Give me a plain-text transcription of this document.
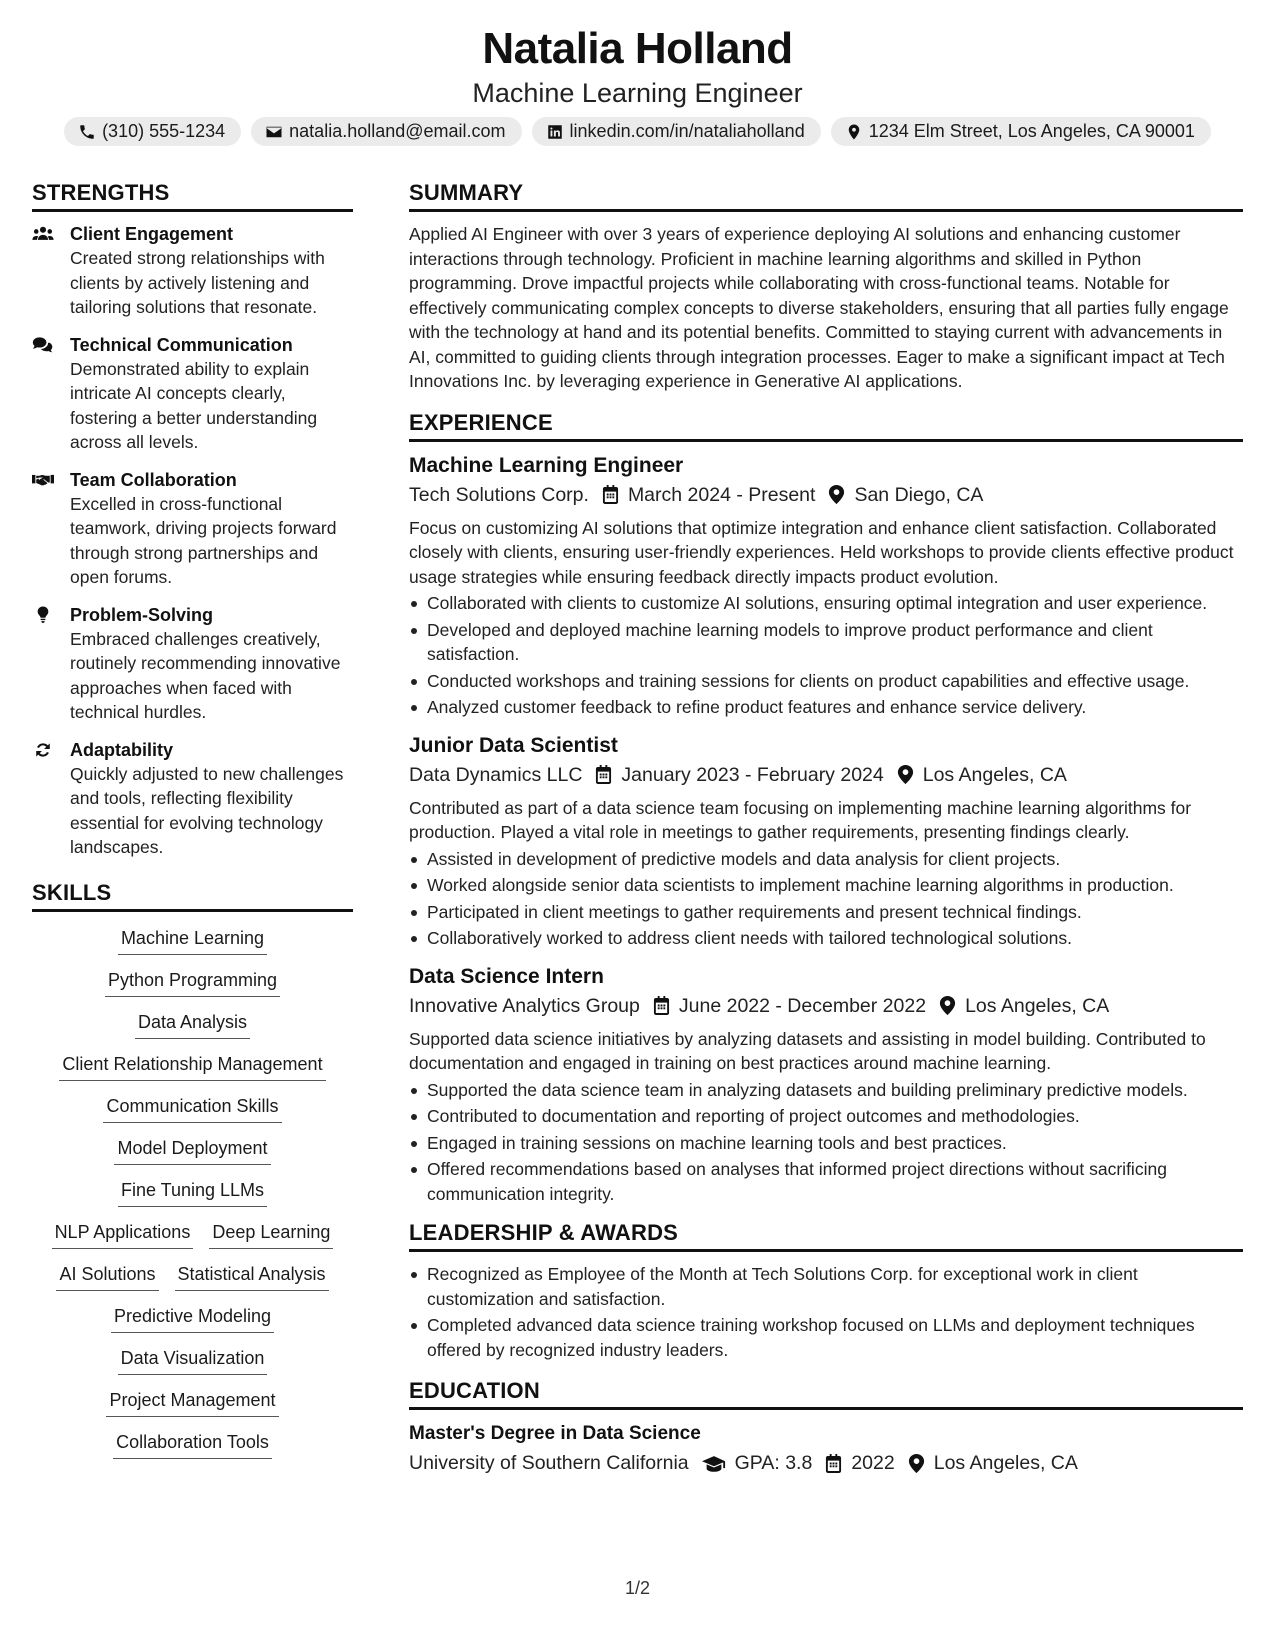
Natalia Holland
Machine Learning Engineer
(310) 555-1234	natalia.holland@email.com	linkedin.com/in/nataliaholland	1234 Elm Street, Los Angeles, CA 90001
STRENGTHS
Client Engagement
Created strong relationships with clients by actively listening and tailoring solutions that resonate.
Technical Communication
Demonstrated ability to explain intricate AI concepts clearly, fostering a better understanding across all levels.
Team Collaboration
Excelled in cross-functional teamwork, driving projects forward through strong partnerships and open forums.
Problem-Solving
Embraced challenges creatively, routinely recommending innovative approaches when faced with technical hurdles.
Adaptability
Quickly adjusted to new challenges and tools, reflecting flexibility essential for evolving technology landscapes.
SKILLS
Machine Learning
Python Programming
Data Analysis
Client Relationship Management
Communication Skills
Model Deployment
Fine Tuning LLMs
NLP Applications Deep Learning
AI Solutions Statistical Analysis
Predictive Modeling
Data Visualization
Project Management
Collaboration Tools
SUMMARY
Applied AI Engineer with over 3 years of experience deploying AI solutions and enhancing customer interactions through technology. Proficient in machine learning algorithms and skilled in Python programming. Drove impactful projects while collaborating with cross-functional teams. Notable for effectively communicating complex concepts to diverse stakeholders, ensuring that all parties fully engage with the technology at hand and its potential benefits. Committed to staying current with advancements in AI, committed to guiding clients through integration processes. Eager to make a significant impact at Tech Innovations Inc. by leveraging experience in Generative AI applications.
EXPERIENCE
Machine Learning Engineer
Tech Solutions Corp. March 2024 - Present San Diego, CA
Focus on customizing AI solutions that optimize integration and enhance client satisfaction. Collaborated closely with clients, ensuring user-friendly experiences. Held workshops to provide clients effective product usage strategies while ensuring feedback directly impacts product evolution.
Collaborated with clients to customize AI solutions, ensuring optimal integration and user experience.
Developed and deployed machine learning models to improve product performance and client satisfaction.
Conducted workshops and training sessions for clients on product capabilities and effective usage.
Analyzed customer feedback to refine product features and enhance service delivery.
Junior Data Scientist
Data Dynamics LLC January 2023 - February 2024 Los Angeles, CA
Contributed as part of a data science team focusing on implementing machine learning algorithms for production. Played a vital role in meetings to gather requirements, presenting findings clearly.
Assisted in development of predictive models and data analysis for client projects.
Worked alongside senior data scientists to implement machine learning algorithms in production.
Participated in client meetings to gather requirements and present technical findings.
Collaboratively worked to address client needs with tailored technological solutions.
Data Science Intern
Innovative Analytics Group June 2022 - December 2022 Los Angeles, CA
Supported data science initiatives by analyzing datasets and assisting in model building. Contributed to documentation and engaged in training on best practices around machine learning.
Supported the data science team in analyzing datasets and building preliminary predictive models.
Contributed to documentation and reporting of project outcomes and methodologies.
Engaged in training sessions on machine learning tools and best practices.
Offered recommendations based on analyses that informed project directions without sacrificing communication integrity.
LEADERSHIP & AWARDS
Recognized as Employee of the Month at Tech Solutions Corp. for exceptional work in client customization and satisfaction.
Completed advanced data science training workshop focused on LLMs and deployment techniques offered by recognized industry leaders.
EDUCATION
Master's Degree in Data Science
University of Southern California GPA: 3.8 2022 Los Angeles, CA
1/2
